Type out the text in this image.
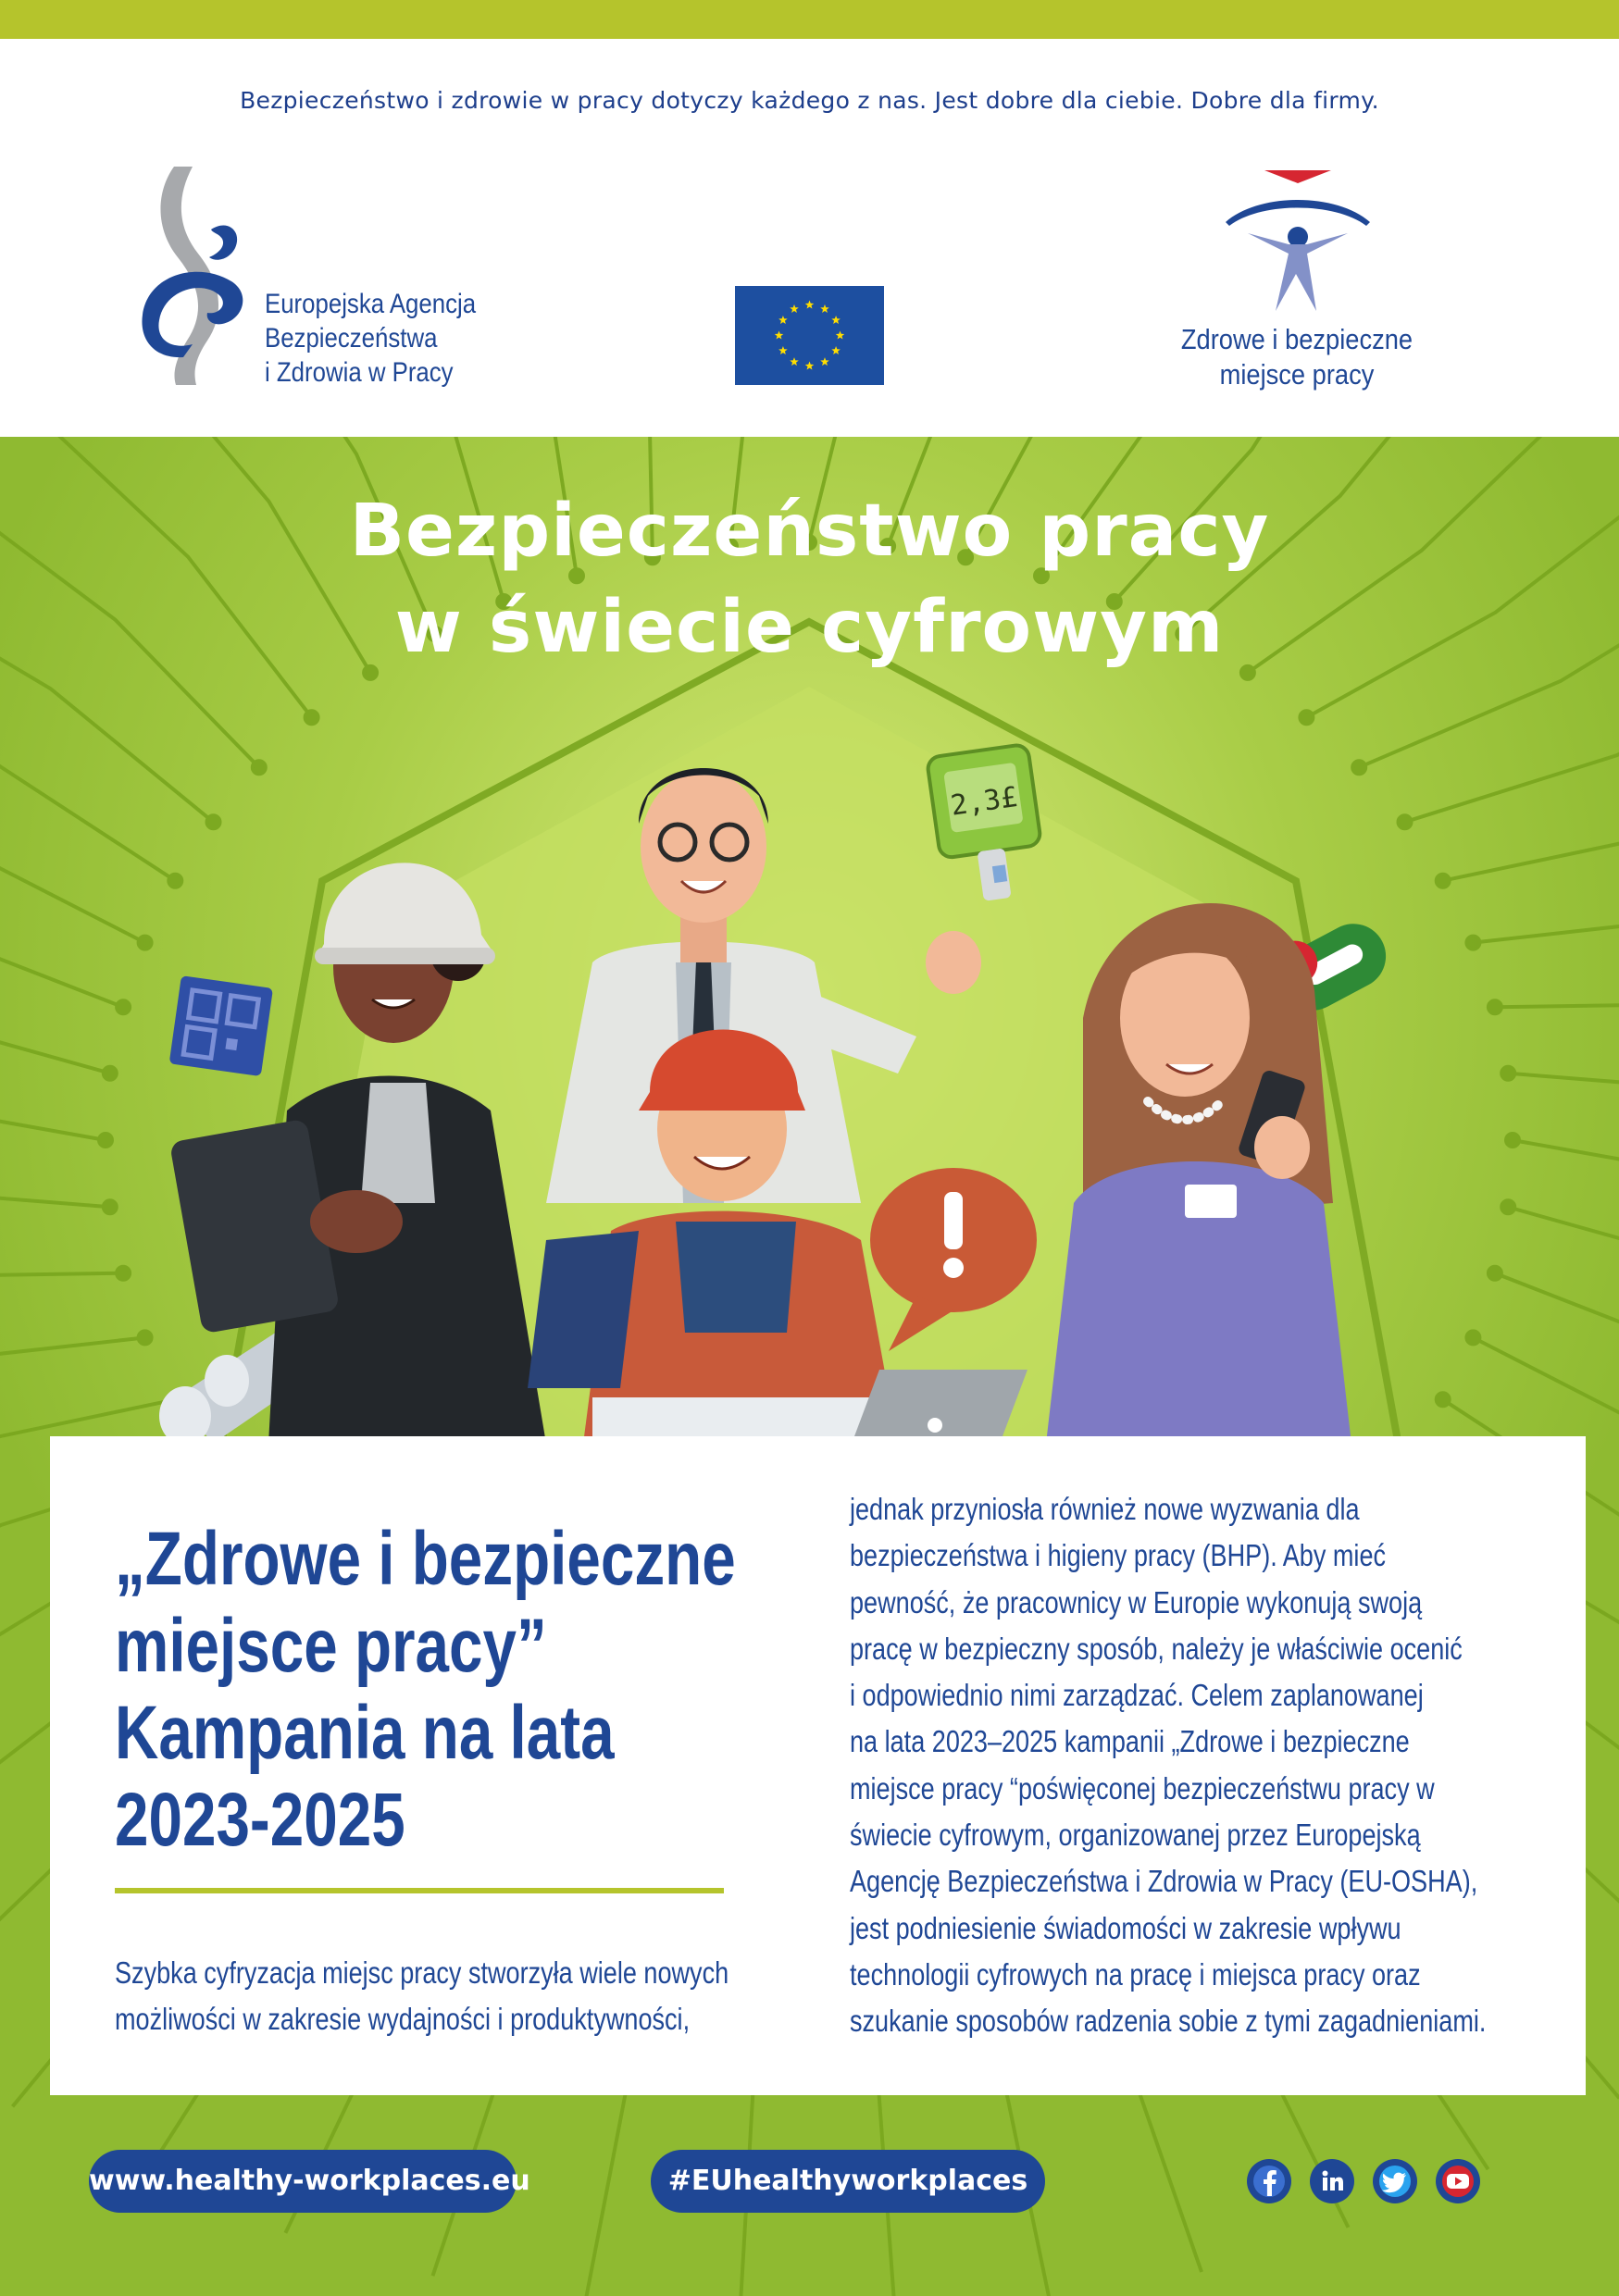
Bezpieczeństwo i zdrowie w pracy dotyczy każdego z nas. Jest dobre dla ciebie. Dobre dla firmy.
Europejska Agencja
Bezpieczeństwa
i Zdrowia w Pracy
Zdrowe i bezpieczne
miejsce pracy
Bezpieczeństwo pracy
w świecie cyfrowym
2,3£
„Zdrowe i bezpieczne
miejsce pracy”
Kampania na lata
2023-2025
Szybka cyfryzacja miejsc pracy stworzyła wiele nowych
możliwości w zakresie wydajności i produktywności,
jednak przyniosła również nowe wyzwania dla
bezpieczeństwa i higieny pracy (BHP). Aby mieć
pewność, że pracownicy w Europie wykonują swoją
pracę w bezpieczny sposób, należy je właściwie ocenić
i odpowiednio nimi zarządzać. Celem zaplanowanej
na lata 2023–2025 kampanii „Zdrowe i bezpieczne
miejsce pracy “poświęconej bezpieczeństwu pracy w
świecie cyfrowym, organizowanej przez Europejską
Agencję Bezpieczeństwa i Zdrowia w Pracy (EU-OSHA),
jest podniesienie świadomości w zakresie wpływu
technologii cyfrowych na pracę i miejsca pracy oraz
szukanie sposobów radzenia sobie z tymi zagadnieniami.
www.healthy-workplaces.eu	#EUhealthyworkplaces
